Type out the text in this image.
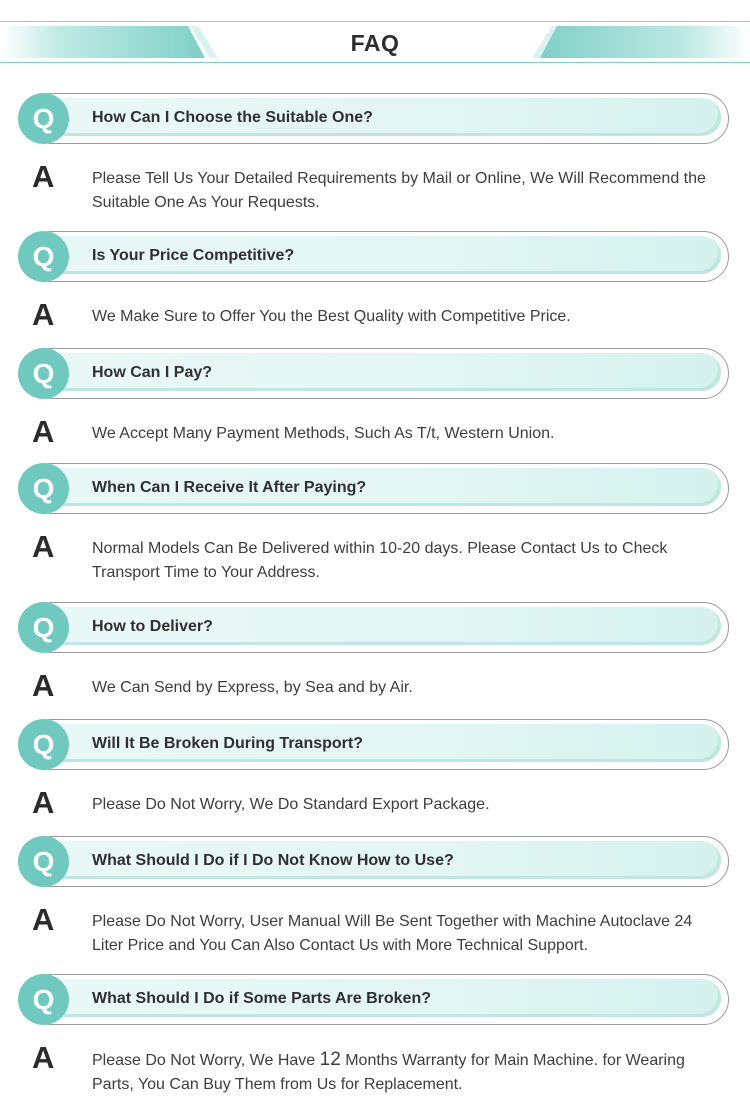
FAQ
Q	How Can I Choose the Suitable One?
A Please Tell Us Your Detailed Requirements by Mail or Online, We Will Recommend the Suitable One As Your Requests.
Q	Is Your Price Competitive?
A We Make Sure to Offer You the Best Quality with Competitive Price.
Q	How Can I Pay?
A We Accept Many Payment Methods, Such As T/t, Western Union.
Q	When Can I Receive It After Paying?
A Normal Models Can Be Delivered within 10-20 days. Please Contact Us to Check Transport Time to Your Address.
Q	How to Deliver?
A We Can Send by Express, by Sea and by Air.
Q	Will It Be Broken During Transport?
A Please Do Not Worry, We Do Standard Export Package.
Q	What Should I Do if I Do Not Know How to Use?
A Please Do Not Worry, User Manual Will Be Sent Together with Machine Autoclave 24 Liter Price and You Can Also Contact Us with More Technical Support.
Q	What Should I Do if Some Parts Are Broken?
A Please Do Not Worry, We Have 12 Months Warranty for Main Machine. for Wearing Parts, You Can Buy Them from Us for Replacement.
